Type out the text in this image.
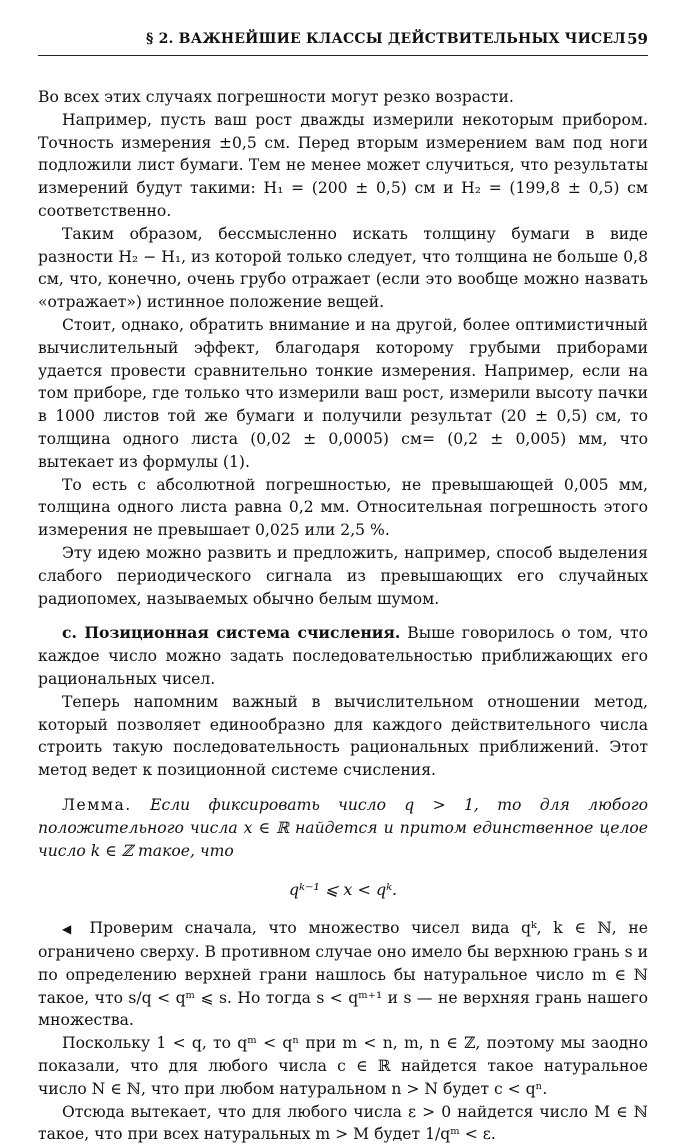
§ 2. ВАЖНЕЙШИЕ КЛАССЫ ДЕЙСТВИТЕЛЬНЫХ ЧИСЕЛ 59

Во всех этих случаях погрешности могут резко возрасти.

Например, пусть ваш рост дважды измерили некоторым прибором. Точность измерения ±0,5 см. Перед вторым измерением вам под ноги подложили лист бумаги. Тем не менее может случиться, что результаты измерений будут такими: H₁ = (200 ± 0,5) см и H₂ = (199,8 ± 0,5) см соответственно.

Таким образом, бессмысленно искать толщину бумаги в виде разности H₂ − H₁, из которой только следует, что толщина не больше 0,8 см, что, конечно, очень грубо отражает (если это вообще можно назвать «отражает») истинное положение вещей.

Стоит, однако, обратить внимание и на другой, более оптимистичный вычислительный эффект, благодаря которому грубыми приборами удается провести сравнительно тонкие измерения. Например, если на том приборе, где только что измерили ваш рост, измерили высоту пачки в 1000 листов той же бумаги и получили результат (20 ± 0,5) см, то толщина одного листа (0,02 ± 0,0005) см= (0,2 ± 0,005) мм, что вытекает из формулы (1).

То есть с абсолютной погрешностью, не превышающей 0,005 мм, толщина одного листа равна 0,2 мм. Относительная погрешность этого измерения не превышает 0,025 или 2,5 %.

Эту идею можно развить и предложить, например, способ выделения слабого периодического сигнала из превышающих его случайных радиопомех, называемых обычно белым шумом.

с. Позиционная система счисления. Выше говорилось о том, что каждое число можно задать последовательностью приближающих его рациональных чисел.

Теперь напомним важный в вычислительном отношении метод, который позволяет единообразно для каждого действительного числа строить такую последовательность рациональных приближений. Этот метод ведет к позиционной системе счисления.

Лемма. Если фиксировать число q > 1, то для любого положительного числа x ∈ ℝ найдется и притом единственное целое число k ∈ ℤ такое, что

qᵏ⁻¹ ⩽ x < qᵏ.

◀ Проверим сначала, что множество чисел вида qᵏ, k ∈ ℕ, не ограничено сверху. В противном случае оно имело бы верхнюю грань s и по определению верхней грани нашлось бы натуральное число m ∈ ℕ такое, что s/q < qᵐ ⩽ s. Но тогда s < qᵐ⁺¹ и s — не верхняя грань нашего множества.

Поскольку 1 < q, то qᵐ < qⁿ при m < n, m, n ∈ ℤ, поэтому мы заодно показали, что для любого числа c ∈ ℝ найдется такое натуральное число N ∈ ℕ, что при любом натуральном n > N будет c < qⁿ.

Отсюда вытекает, что для любого числа ε > 0 найдется число M ∈ ℕ такое, что при всех натуральных m > M будет 1/qᵐ < ε.
